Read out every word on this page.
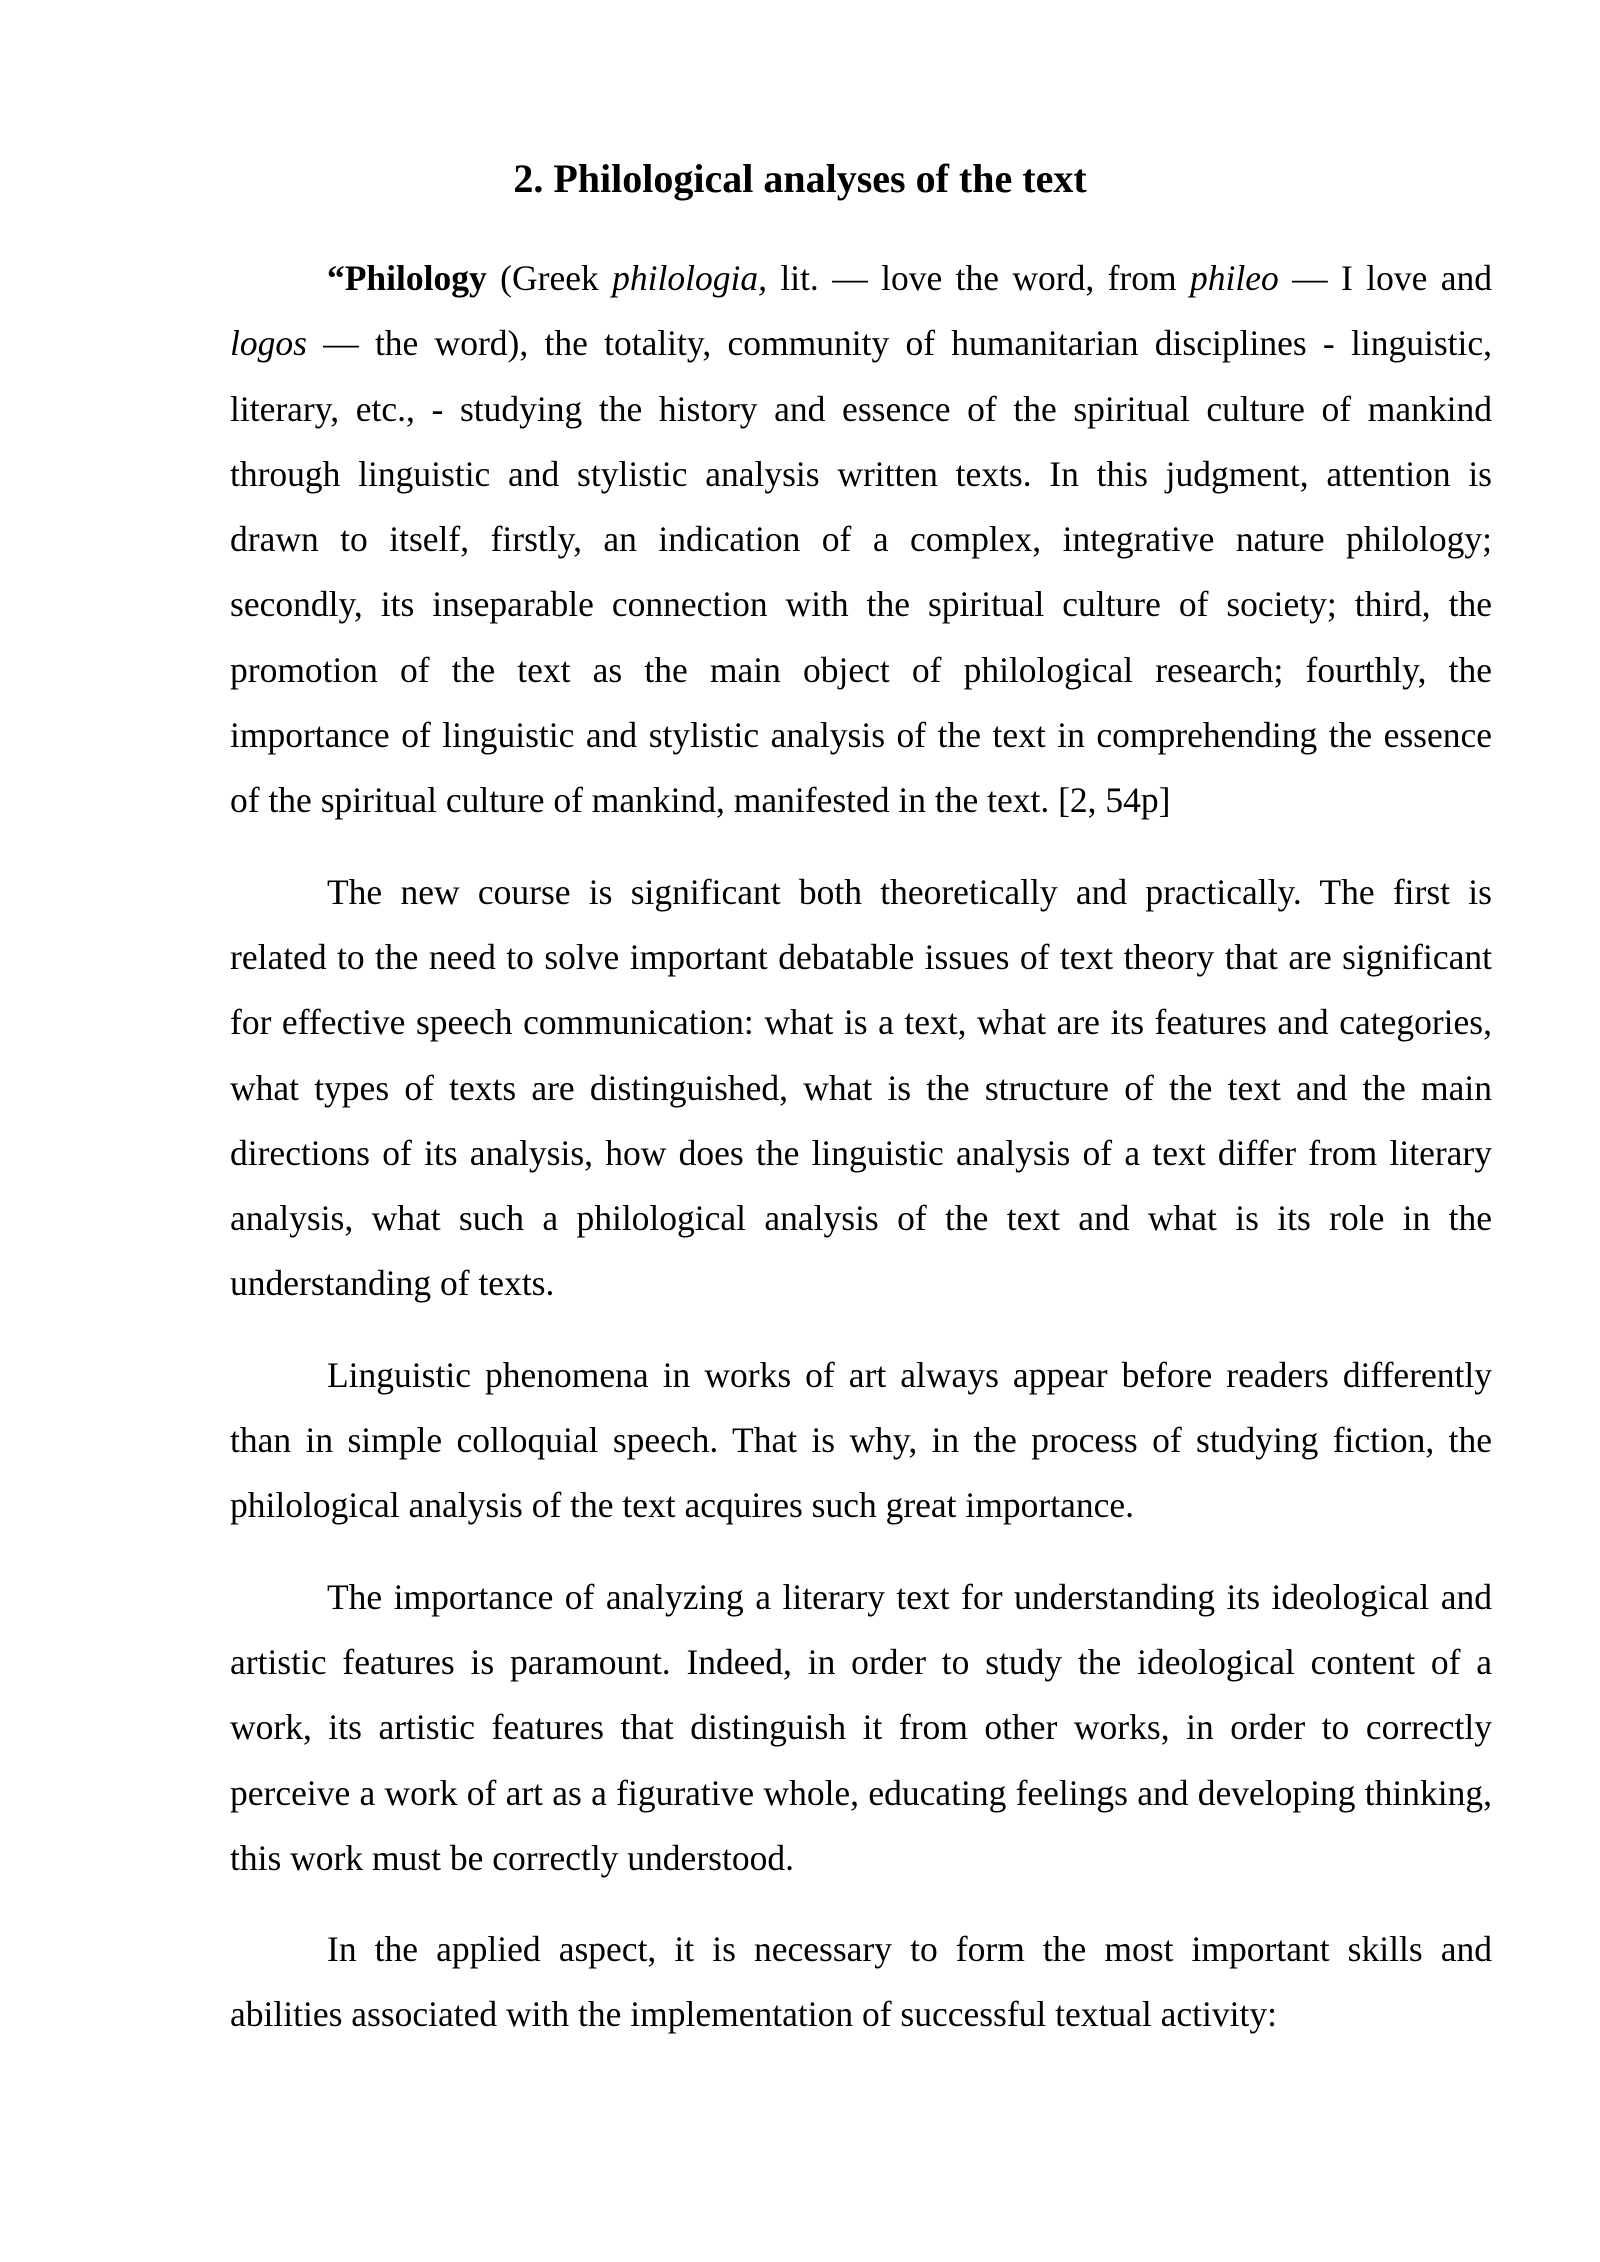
2. Philological analyses of the text

“Philology (Greek philologia, lit. — love the word, from phileo — I love and logos — the word), the totality, community of humanitarian disciplines - linguistic, literary, etc., - studying the history and essence of the spiritual culture of mankind through linguistic and stylistic analysis written texts. In this judgment, attention is drawn to itself, firstly, an indication of a complex, integrative nature philology; secondly, its inseparable connection with the spiritual culture of society; third, the promotion of the text as the main object of philological research; fourthly, the importance of linguistic and stylistic analysis of the text in comprehending the essence of the spiritual culture of mankind, manifested in the text. [2, 54p]

The new course is significant both theoretically and practically. The first is related to the need to solve important debatable issues of text theory that are significant for effective speech communication: what is a text, what are its features and categories, what types of texts are distinguished, what is the structure of the text and the main directions of its analysis, how does the linguistic analysis of a text differ from literary analysis, what such a philological analysis of the text and what is its role in the understanding of texts.

Linguistic phenomena in works of art always appear before readers differently than in simple colloquial speech. That is why, in the process of studying fiction, the philological analysis of the text acquires such great importance.

The importance of analyzing a literary text for understanding its ideological and artistic features is paramount. Indeed, in order to study the ideological content of a work, its artistic features that distinguish it from other works, in order to correctly perceive a work of art as a figurative whole, educating feelings and developing thinking, this work must be correctly understood.

In the applied aspect, it is necessary to form the most important skills and abilities associated with the implementation of successful textual activity:
